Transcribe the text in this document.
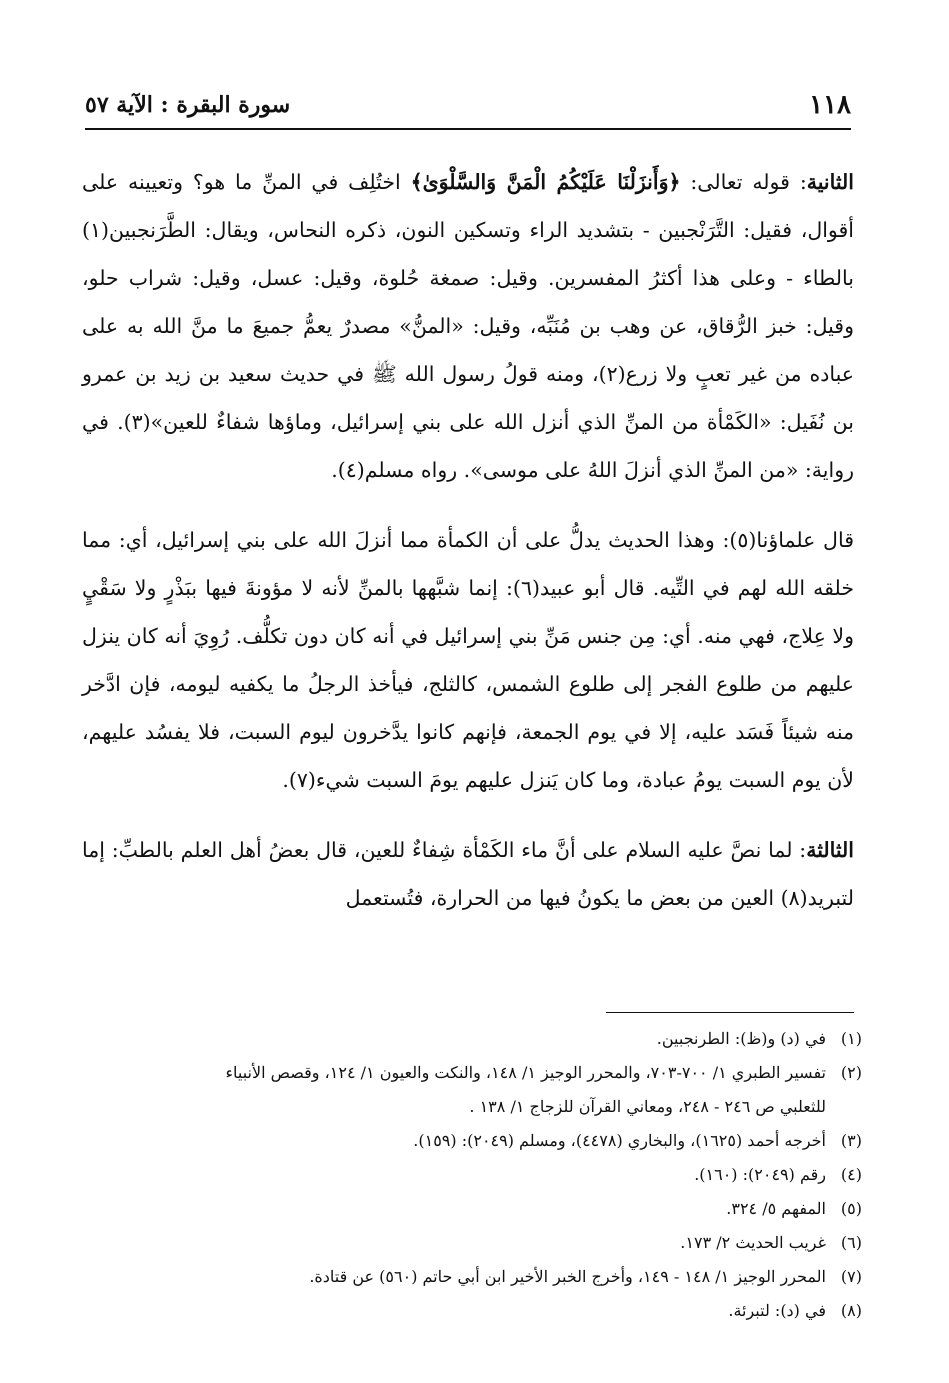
١١٨
سورة البقرة : الآية ٥٧

الثانية: قوله تعالى: ﴿وَأَنزَلْنَا عَلَيْكُمُ الْمَنَّ وَالسَّلْوَىٰ﴾ اختُلِف في المنِّ ما هو؟ وتعيينه على أقوال، فقيل: التَّرَنْجبين - بتشديد الراء وتسكين النون، ذكره النحاس، ويقال: الطَّرَنجبين(١) بالطاء - وعلى هذا أكثرُ المفسرين. وقيل: صمغة حُلوة، وقيل: عسل، وقيل: شراب حلو، وقيل: خبز الرُّقاق، عن وهب بن مُنَبِّه، وقيل: «المنُّ» مصدرٌ يعمُّ جميعَ ما منَّ الله به على عباده من غير تعبٍ ولا زرع(٢)، ومنه قولُ رسول الله ﷺ في حديث سعيد بن زيد بن عمرو بن نُفَيل: «الكَمْأة من المنِّ الذي أنزل الله على بني إسرائيل، وماؤها شفاءٌ للعين»(٣). في رواية: «من المنِّ الذي أنزلَ اللهُ على موسى». رواه مسلم(٤).

قال علماؤنا(٥): وهذا الحديث يدلُّ على أن الكمأة مما أنزلَ الله على بني إسرائيل، أي: مما خلقه الله لهم في التِّيه. قال أبو عبيد(٦): إنما شبَّهها بالمنِّ لأنه لا مؤونةَ فيها ببَذْرٍ ولا سَقْيٍ ولا عِلاج، فهي منه. أي: مِن جنس مَنِّ بني إسرائيل في أنه كان دون تكلُّف. رُوِيَ أنه كان ينزل عليهم من طلوع الفجر إلى طلوع الشمس، كالثلج، فيأخذ الرجلُ ما يكفيه ليومه، فإن ادَّخر منه شيئاً فَسَد عليه، إلا في يوم الجمعة، فإنهم كانوا يدَّخرون ليوم السبت، فلا يفسُد عليهم، لأن يوم السبت يومُ عبادة، وما كان يَنزل عليهم يومَ السبت شيء(٧).

الثالثة: لما نصَّ عليه السلام على أنَّ ماء الكَمْأة شِفاءٌ للعين، قال بعضُ أهل العلم بالطبِّ: إما لتبريد(٨) العين من بعض ما يكونُ فيها من الحرارة، فتُستعمل

(١)
في (د) و(ظ): الطرنجبين.
(٢)
تفسير الطبري ١/ ٧٠٠-٧٠٣، والمحرر الوجيز ١/ ١٤٨، والنكت والعيون ١/ ١٢٤، وقصص الأنبياء
للثعلبي ص ٢٤٦ - ٢٤٨، ومعاني القرآن للزجاج ١/ ١٣٨ .
(٣)
أخرجه أحمد (١٦٢٥)، والبخاري (٤٤٧٨)، ومسلم (٢٠٤٩): (١٥٩).
(٤)
رقم (٢٠٤٩): (١٦٠).
(٥)
المفهم ٥/ ٣٢٤.
(٦)
غريب الحديث ٢/ ١٧٣.
(٧)
المحرر الوجيز ١/ ١٤٨ - ١٤٩، وأخرج الخبر الأخير ابن أبي حاتم (٥٦٠) عن قتادة.
(٨)
في (د): لتبرئة.
